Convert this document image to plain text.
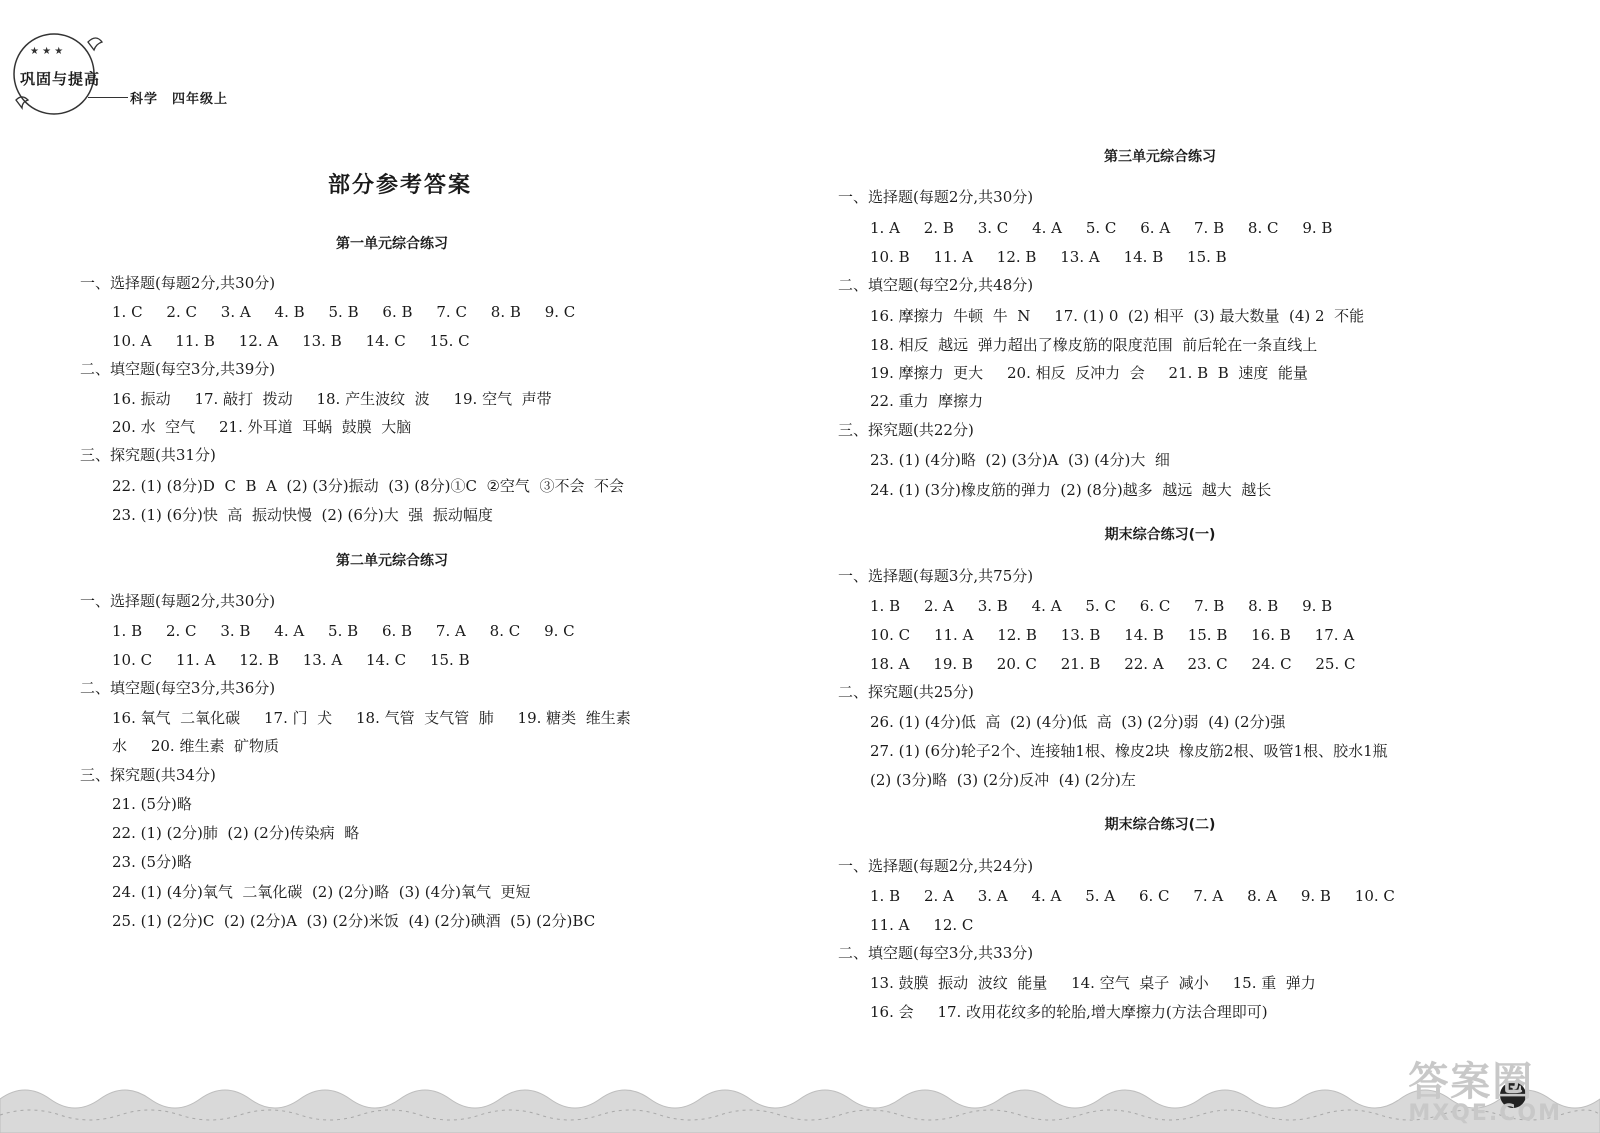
★ ★ ★
巩固与提高
科学　四年级上
部分参考答案
第一单元综合练习
一、选择题(每题2分,共30分)
1. C     2. C     3. A     4. B     5. B     6. B     7. C     8. B     9. C
10. A     11. B     12. A     13. B     14. C     15. C
二、填空题(每空3分,共39分)
16. 振动     17. 敲打  拨动     18. 产生波纹  波     19. 空气  声带
20. 水  空气     21. 外耳道  耳蜗  鼓膜  大脑
三、探究题(共31分)
22. (1) (8分)D  C  B  A  (2) (3分)振动  (3) (8分)①C  ②空气  ③不会  不会
23. (1) (6分)快  高  振动快慢  (2) (6分)大  强  振动幅度
第二单元综合练习
一、选择题(每题2分,共30分)
1. B     2. C     3. B     4. A     5. B     6. B     7. A     8. C     9. C
10. C     11. A     12. B     13. A     14. C     15. B
二、填空题(每空3分,共36分)
16. 氧气  二氧化碳     17. 门  犬     18. 气管  支气管  肺     19. 糖类  维生素
水     20. 维生素  矿物质
三、探究题(共34分)
21. (5分)略
22. (1) (2分)肺  (2) (2分)传染病  略
23. (5分)略
24. (1) (4分)氧气  二氧化碳  (2) (2分)略  (3) (4分)氧气  更短
25. (1) (2分)C  (2) (2分)A  (3) (2分)米饭  (4) (2分)碘酒  (5) (2分)BC
第三单元综合练习
一、选择题(每题2分,共30分)
1. A     2. B     3. C     4. A     5. C     6. A     7. B     8. C     9. B
10. B     11. A     12. B     13. A     14. B     15. B
二、填空题(每空2分,共48分)
16. 摩擦力  牛顿  牛  N     17. (1) 0  (2) 相平  (3) 最大数量  (4) 2  不能
18. 相反  越远  弹力超出了橡皮筋的限度范围  前后轮在一条直线上
19. 摩擦力  更大     20. 相反  反冲力  会     21. B  B  速度  能量
22. 重力  摩擦力
三、探究题(共22分)
23. (1) (4分)略  (2) (3分)A  (3) (4分)大  细
24. (1) (3分)橡皮筋的弹力  (2) (8分)越多  越远  越大  越长
期末综合练习(一)
一、选择题(每题3分,共75分)
1. B     2. A     3. B     4. A     5. C     6. C     7. B     8. B     9. B
10. C     11. A     12. B     13. B     14. B     15. B     16. B     17. A
18. A     19. B     20. C     21. B     22. A     23. C     24. C     25. C
二、探究题(共25分)
26. (1) (4分)低  高  (2) (4分)低  高  (3) (2分)弱  (4) (2分)强
27. (1) (6分)轮子2个、连接轴1根、橡皮2块  橡皮筋2根、吸管1根、胶水1瓶
(2) (3分)略  (3) (2分)反冲  (4) (2分)左
期末综合练习(二)
一、选择题(每题2分,共24分)
1. B     2. A     3. A     4. A     5. A     6. C     7. A     8. A     9. B     10. C
11. A     12. C
二、填空题(每空3分,共33分)
13. 鼓膜  振动  波纹  能量     14. 空气  桌子  减小     15. 重  弹力
16. 会     17. 改用花纹多的轮胎,增大摩擦力(方法合理即可)
答案圈
MXQE.COM
